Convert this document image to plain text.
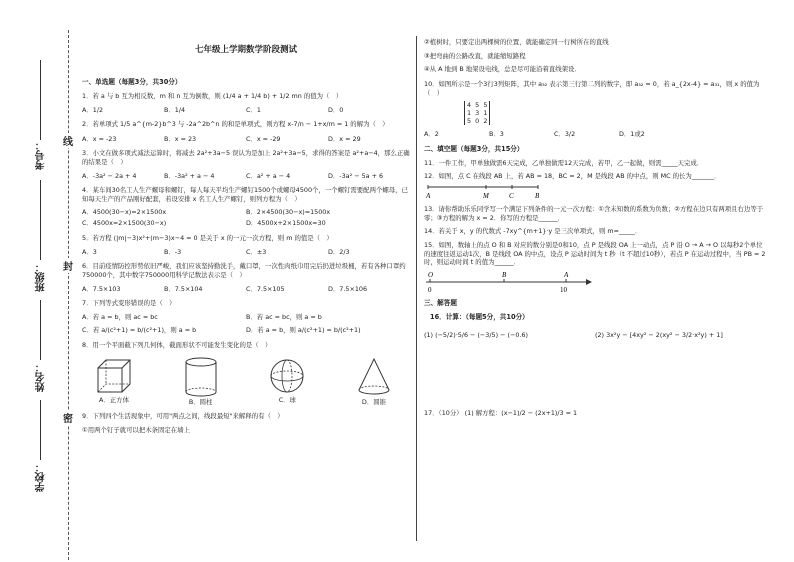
考号：
班级：
姓名：
学校：
线
封
密
七年级上学期数学阶段测试

一、单选题（每题3分，共30分）

1．若 a 与 b 互为相反数，m 和 n 互为倒数，则 (1/4 a + 1/4 b) + 1/2 mn 的值为（　）

A．1/2	B．1/4	C．1	D．0

2．若单项式 1/5 a^{m-2}b^3 与 -2a^2b^n 的和是单项式，则方程 x-7/n − 1+x/m = 1 的解为（　）

A．x = -23	B．x = 23	C．x = -29	D．x = 29

3．小文在做多项式减法运算时，将减去 2a²+3a−5 误认为是加上 2a²+3a−5，求得的答案是 a²+a−4，那么正确的结果是（　）

A．-3a² − 2a + 4	B．-3a² + a − 4	C．a² + a − 4	D．-3a² − 5a + 6

4．某车间30名工人生产螺母和螺钉，每人每天平均生产螺钉1500个或螺母4500个，一个螺钉需要配两个螺母，已知每天生产的产品刚好配套，若设安排 x 名工人生产螺钉，则列方程为（　）

A．4500(30−x)=2×1500x	B．2×4500(30−x)=1500x
C．4500x=2×1500(30−x)	D．4500x+2×1500x=30

5．若方程 (|m|−3)x²+(m−3)x−4 = 0 是关于 x 的一元一次方程，则 m 的值是（　）

A．3	B．-3	C．±3	D．2/3

6．目前疫情防控形势依旧严峻，我们应该坚持勤洗手，戴口罩，一次性肉纸巾用完后扔进垃圾桶，若有各种口罩约750000个，其中数字750000用科学记数法表示是（　）

A．7.5×103	B．7.5×104	C．7.5×105	D．7.5×106

7．下列等式变形错误的是（　）

A．若 a = b，则 ac = bc	B．若 ac = bc，则 a = b
C．若 a/(c²+1) = b/(c²+1)，则 a = b	D．若 a = b，则 a/(c²+1) = b/(c²+1)

8．用一个平面截下列几何体，截面形状不可能发生变化的是（　）

A．正方体	B．圆柱	C．球	D．圆锥

9．下列四个生活现象中，可用"两点之间，线段最短"来解释的有（　）

①用两个钉子就可以把木条固定在墙上

②植树时，只要定出两棵树的位置，就能确定同一行树所在的直线

③把弯曲的公路改直，就能缩短路程

④从 A 地到 B 地架设电线，总是尽可能沿着直线架设．

10．如图所示是一个3行3列矩阵，其中 a₃₂ 表示第三行第二列的数字，即 a₃₂ = 0，若 a_{2x-4} = a₃₁，则 x 的值为（　）

4 5 5
1 3 1
5 0 2
A．2	B．3	C．3/2	D．1或2

二、填空题（每题3分，共15分）

11．一件工作，甲单独做需6天完成，乙单独做需12天完成，若甲，乙一起做，则需_____天完成．

12．如图，点 C 在线段 AB 上，若 AB = 18，BC = 2，M 是线段 AB 的中点，则 MC 的长为_______．

A	M	C	B

13．请你帮助乐乐同学写一个满足下列条件的一元一次方程：①含未知数的系数为负数；②方程在边只有两项且右边等于零；③方程的解为 x = 2．你写的方程是______．

14．若关于 x，y 的代数式 -7xy^{m+1}·y 是三次单项式，则 m=_____．

15．如图，数轴上的点 O 和 B 对应的数分别是0和10，点 P 是线段 OA 上一动点，点 P 沿 O → A → O 以每秒2个单位的速度往返运动1次，B 是线段 OA 的中点，设点 P 运动时间为 t 秒（t 不超过10秒），若点 P 在运动过程中，当 PB = 2 时，则运动时间 t 的值为______．

O	B	A
0	10

三、解答题

16．计算：（每题5分，共10分）

(1) (−5/2)·5/6 − (−3/5) − (−0.6)	(2) 3x²y − [4xy² − 2(xy² − 3/2·x²y) + 1]

17．（10分） (1) 解方程：(x−1)/2 − (2x+1)/3 = 1
